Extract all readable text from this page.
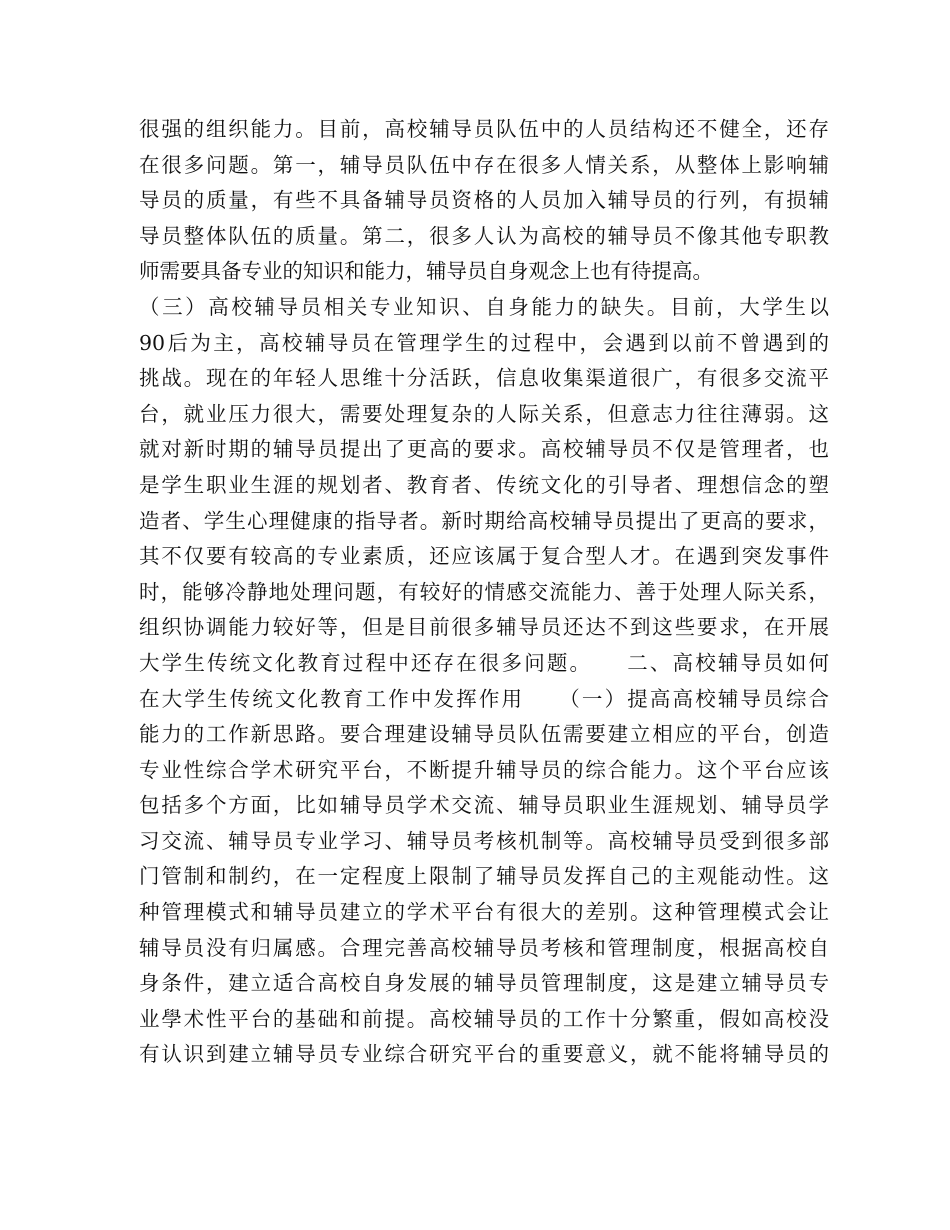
很强的组织能力。目前，高校辅导员队伍中的人员结构还不健全，还存
在很多问题。第一，辅导员队伍中存在很多人情关系，从整体上影响辅
导员的质量，有些不具备辅导员资格的人员加入辅导员的行列，有损辅
导员整体队伍的质量。第二，很多人认为高校的辅导员不像其他专职教
师需要具备专业的知识和能力，辅导员自身观念上也有待提高。
（三）高校辅导员相关专业知识、自身能力的缺失。目前，大学生以
90后为主，高校辅导员在管理学生的过程中，会遇到以前不曾遇到的
挑战。现在的年轻人思维十分活跃，信息收集渠道很广，有很多交流平
台，就业压力很大，需要处理复杂的人际关系，但意志力往往薄弱。这
就对新时期的辅导员提出了更高的要求。高校辅导员不仅是管理者，也
是学生职业生涯的规划者、教育者、传统文化的引导者、理想信念的塑
造者、学生心理健康的指导者。新时期给高校辅导员提出了更高的要求，
其不仅要有较高的专业素质，还应该属于复合型人才。在遇到突发事件
时，能够冷静地处理问题，有较好的情感交流能力、善于处理人际关系，
组织协调能力较好等，但是目前很多辅导员还达不到这些要求，在开展
大学生传统文化教育过程中还存在很多问题。　　二、高校辅导员如何
在大学生传统文化教育工作中发挥作用　　（一）提高高校辅导员综合
能力的工作新思路。要合理建设辅导员队伍需要建立相应的平台，创造
专业性综合学术研究平台，不断提升辅导员的综合能力。这个平台应该
包括多个方面，比如辅导员学术交流、辅导员职业生涯规划、辅导员学
习交流、辅导员专业学习、辅导员考核机制等。高校辅导员受到很多部
门管制和制约，在一定程度上限制了辅导员发挥自己的主观能动性。这
种管理模式和辅导员建立的学术平台有很大的差别。这种管理模式会让
辅导员没有归属感。合理完善高校辅导员考核和管理制度，根据高校自
身条件，建立适合高校自身发展的辅导员管理制度，这是建立辅导员专
业學术性平台的基础和前提。高校辅导员的工作十分繁重，假如高校没
有认识到建立辅导员专业综合研究平台的重要意义，就不能将辅导员的
